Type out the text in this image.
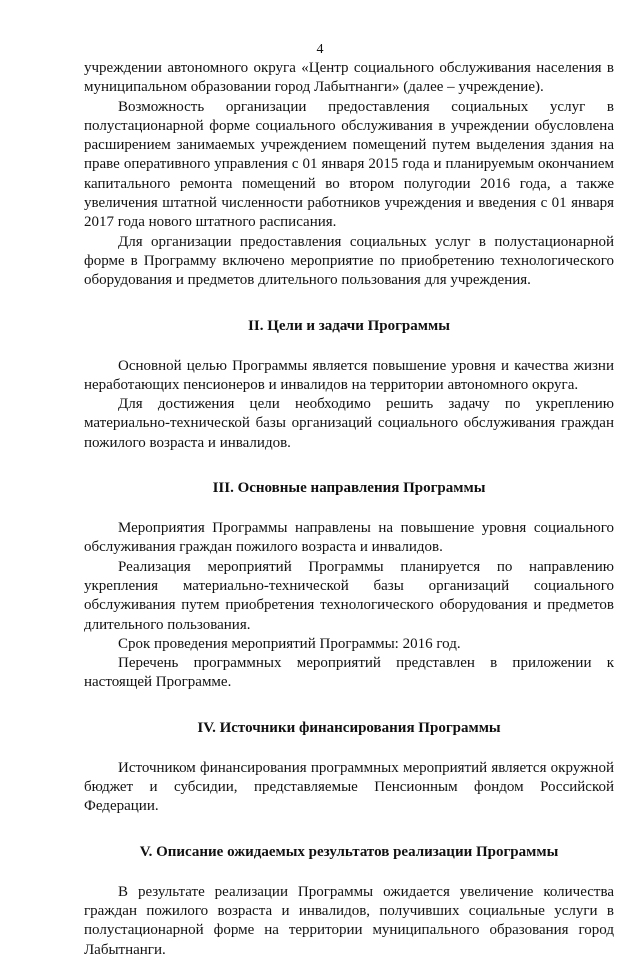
4

учреждении автономного округа «Центр социального обслуживания населения в муниципальном образовании город Лабытнанги» (далее – учреждение).

Возможность организации предоставления социальных услуг в полустационарной форме социального обслуживания в учреждении обусловлена расширением занимаемых учреждением помещений путем выделения здания на праве оперативного управления с 01 января 2015 года и планируемым окончанием капитального ремонта помещений во втором полугодии 2016 года, а также увеличения штатной численности работников учреждения и введения с 01 января 2017 года нового штатного расписания.

Для организации предоставления социальных услуг в полустационарной форме в Программу включено мероприятие по приобретению технологического оборудования и предметов длительного пользования для учреждения.

II. Цели и задачи Программы

Основной целью Программы является повышение уровня и качества жизни неработающих пенсионеров и инвалидов на территории автономного округа.

Для достижения цели необходимо решить задачу по укреплению материально-технической базы организаций социального обслуживания граждан пожилого возраста и инвалидов.

III. Основные направления Программы

Мероприятия Программы направлены на повышение уровня социального обслуживания граждан пожилого возраста и инвалидов.

Реализация мероприятий Программы планируется по направлению укрепления материально-технической базы организаций социального обслуживания путем приобретения технологического оборудования и предметов длительного пользования.

Срок проведения мероприятий Программы: 2016 год.

Перечень программных мероприятий представлен в приложении к настоящей Программе.

IV. Источники финансирования Программы

Источником финансирования программных мероприятий является окружной бюджет и субсидии, представляемые Пенсионным фондом Российской Федерации.

V. Описание ожидаемых результатов реализации Программы

В результате реализации Программы ожидается увеличение количества граждан пожилого возраста и инвалидов, получивших социальные услуги в полустационарной форме на территории муниципального образования город Лабытнанги.
